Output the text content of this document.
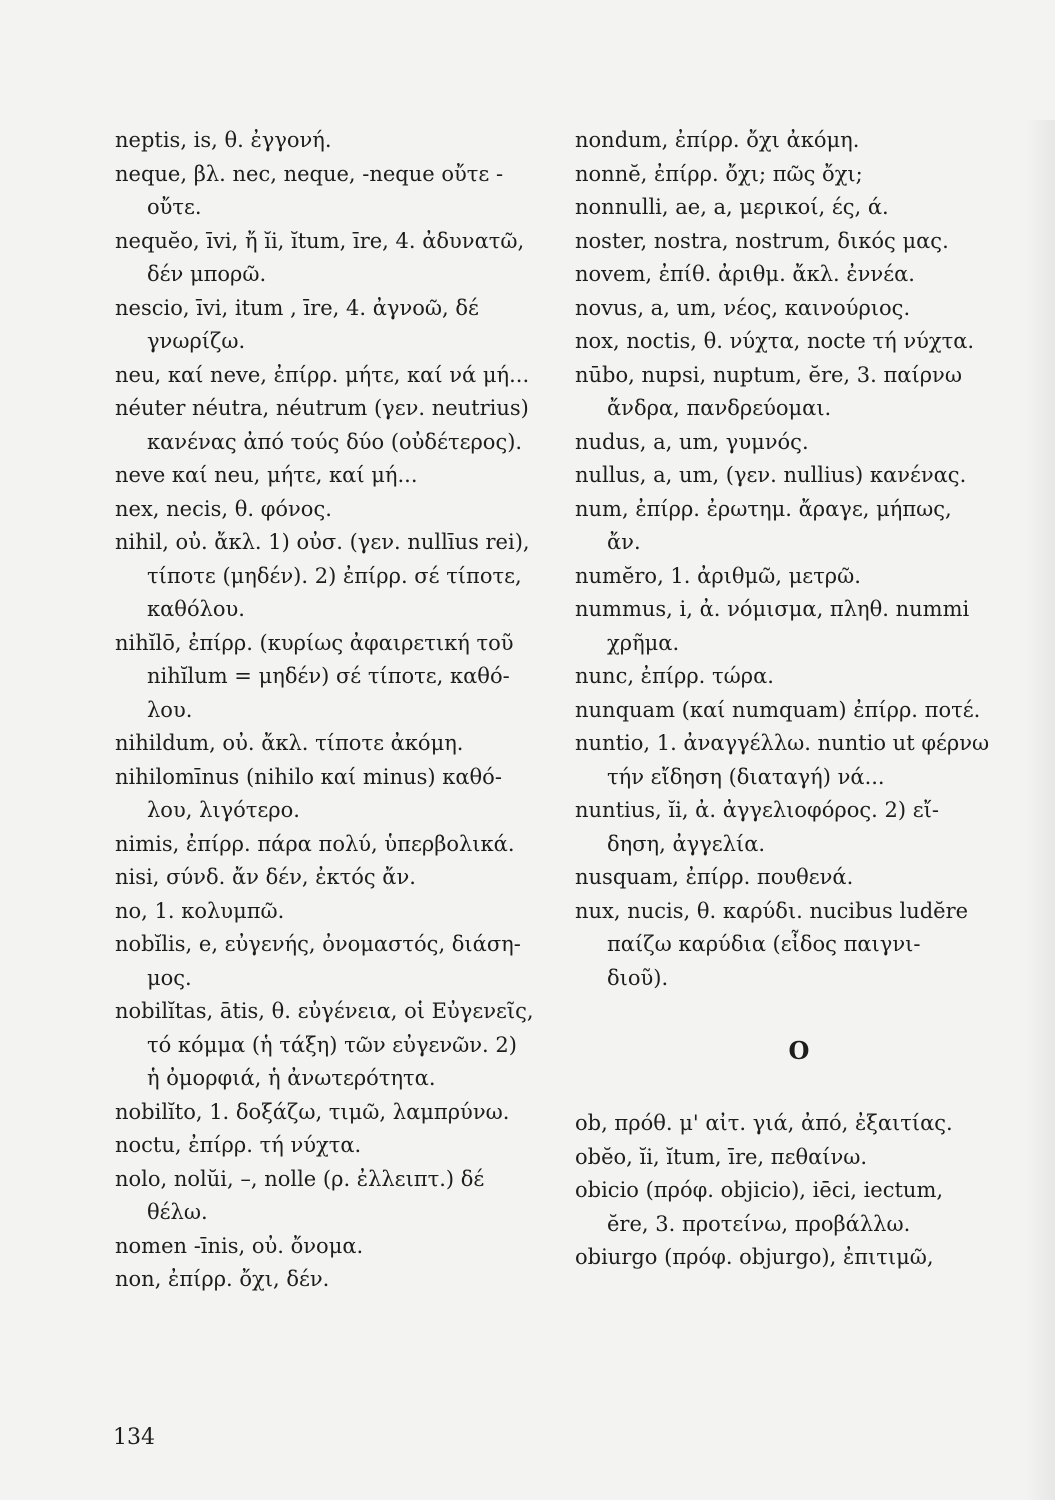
neptis, is, θ. ἐγγονή.
neque, βλ. nec, neque, -neque οὔτε -
οὔτε.
nequĕo, īvi, ἤ ĭi, ĭtum, īre, 4. ἀδυνατῶ,
δέν μπορῶ.
nescio, īvi, itum , īre, 4. ἀγνοῶ, δέ
γνωρίζω.
neu, καί neve, ἐπίρρ. μήτε, καί νά μή...
néuter néutra, néutrum (γεν. neutrius)
κανένας ἀπό τούς δύο (οὐδέτερος).
neve καί neu, μήτε, καί μή...
nex, necis, θ. φόνος.
nihil, οὐ. ἄκλ. 1) οὐσ. (γεν. nullīus rei),
τίποτε (μηδέν). 2) ἐπίρρ. σέ τίποτε,
καθόλου.
nihĭlō, ἐπίρρ. (κυρίως ἀφαιρετική τοῦ
nihĭlum = μηδέν) σέ τίποτε, καθό-
λου.
nihildum, οὐ. ἄκλ. τίποτε ἀκόμη.
nihilomīnus (nihilo καί minus) καθό-
λου, λιγότερο.
nimis, ἐπίρρ. πάρα πολύ, ὑπερβολικά.
nisi, σύνδ. ἄν δέν, ἐκτός ἄν.
no, 1. κολυμπῶ.
nobĭlis, e, εὐγενής, ὀνομαστός, διάση-
μος.
nobilĭtas, ātis, θ. εὐγένεια, οἱ Εὐγενεῖς,
τό κόμμα (ἡ τάξη) τῶν εὐγενῶν. 2)
ἡ ὀμορφιά, ἡ ἀνωτερότητα.
nobilĭto, 1. δοξάζω, τιμῶ, λαμπρύνω.
noctu, ἐπίρρ. τή νύχτα.
nolo, nolŭi, –, nolle (ρ. ἐλλειπτ.) δέ
θέλω.
nomen -īnis, οὐ. ὄνομα.
non, ἐπίρρ. ὄχι, δέν.
nondum, ἐπίρρ. ὄχι ἀκόμη.
nonnĕ, ἐπίρρ. ὄχι; πῶς ὄχι;
nonnulli, ae, a, μερικοί, ές, ά.
noster, nostra, nostrum, δικός μας.
novem, ἐπίθ. ἀριθμ. ἄκλ. ἐννέα.
novus, a, um, νέος, καινούριος.
nox, noctis, θ. νύχτα, nocte τή νύχτα.
nūbo, nupsi, nuptum, ĕre, 3. παίρνω
ἄνδρα, πανδρεύομαι.
nudus, a, um, γυμνός.
nullus, a, um, (γεν. nullius) κανένας.
num, ἐπίρρ. ἐρωτημ. ἄραγε, μήπως,
ἄν.
numĕro, 1. ἀριθμῶ, μετρῶ.
nummus, i, ἀ. νόμισμα, πληθ. nummi
χρῆμα.
nunc, ἐπίρρ. τώρα.
nunquam (καί numquam) ἐπίρρ. ποτέ.
nuntio, 1. ἀναγγέλλω. nuntio ut φέρνω
τήν εἴδηση (διαταγή) νά...
nuntius, ĭi, ἀ. ἀγγελιοφόρος. 2) εἴ-
δηση, ἀγγελία.
nusquam, ἐπίρρ. πουθενά.
nux, nucis, θ. καρύδι. nucibus ludĕre
παίζω καρύδια (εἶδος παιγνι-
διοῦ).
O
ob, πρόθ. μ' αἰτ. γιά, ἀπό, ἐξαιτίας.
obĕo, ĭi, ĭtum, īre, πεθαίνω.
obicio (πρόφ. objicio), iēci, iectum,
ĕre, 3. προτείνω, προβάλλω.
obiurgo (πρόφ. objurgo), ἐπιτιμῶ,
134
